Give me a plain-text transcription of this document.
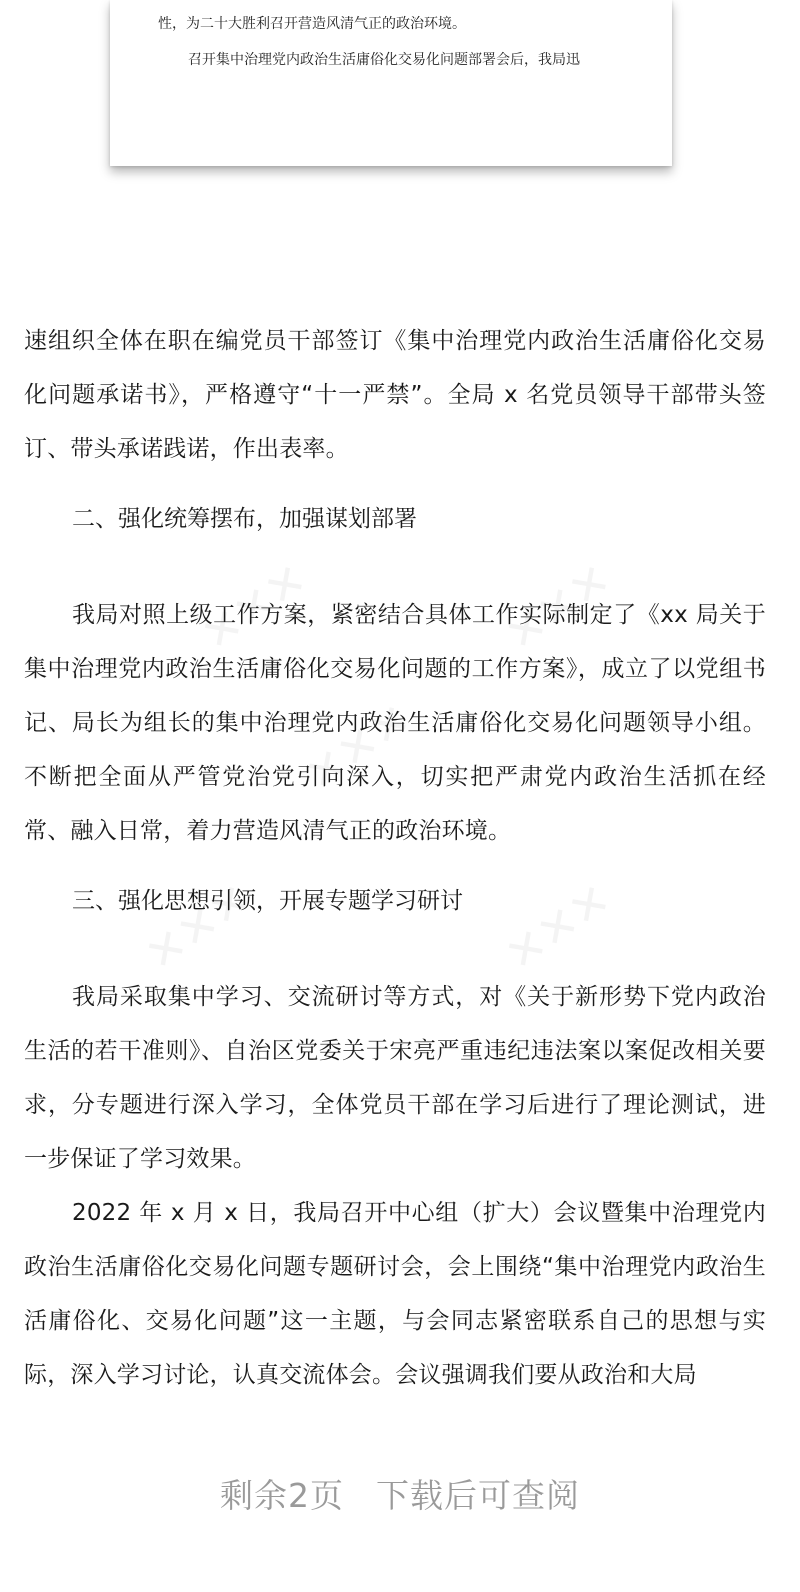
性，为二十大胜利召开营造风清气正的政治环境。
召开集中治理党内政治生活庸俗化交易化问题部署会后，我局迅

速组织全体在职在编党员干部签订《集中治理党内政治生活庸俗化交易化问题承诺书》，严格遵守“十一严禁”。全局 x 名党员领导干部带头签订、带头承诺践诺，作出表率。

二、强化统筹摆布，加强谋划部署

我局对照上级工作方案，紧密结合具体工作实际制定了《xx 局关于集中治理党内政治生活庸俗化交易化问题的工作方案》，成立了以党组书记、局长为组长的集中治理党内政治生活庸俗化交易化问题领导小组。不断把全面从严管党治党引向深入，切实把严肃党内政治生活抓在经常、融入日常，着力营造风清气正的政治环境。

三、强化思想引领，开展专题学习研讨

我局采取集中学习、交流研讨等方式，对《关于新形势下党内政治生活的若干准则》、自治区党委关于宋亮严重违纪违法案以案促改相关要求，分专题进行深入学习，全体党员干部在学习后进行了理论测试，进一步保证了学习效果。

2022 年 x 月 x 日，我局召开中心组（扩大）会议暨集中治理党内政治生活庸俗化交易化问题专题研讨会，会上围绕“集中治理党内政治生活庸俗化、交易化问题”这一主题，与会同志紧密联系自己的思想与实际，深入学习讨论，认真交流体会。会议强调我们要从政治和大局

剩余2页 下载后可查阅
